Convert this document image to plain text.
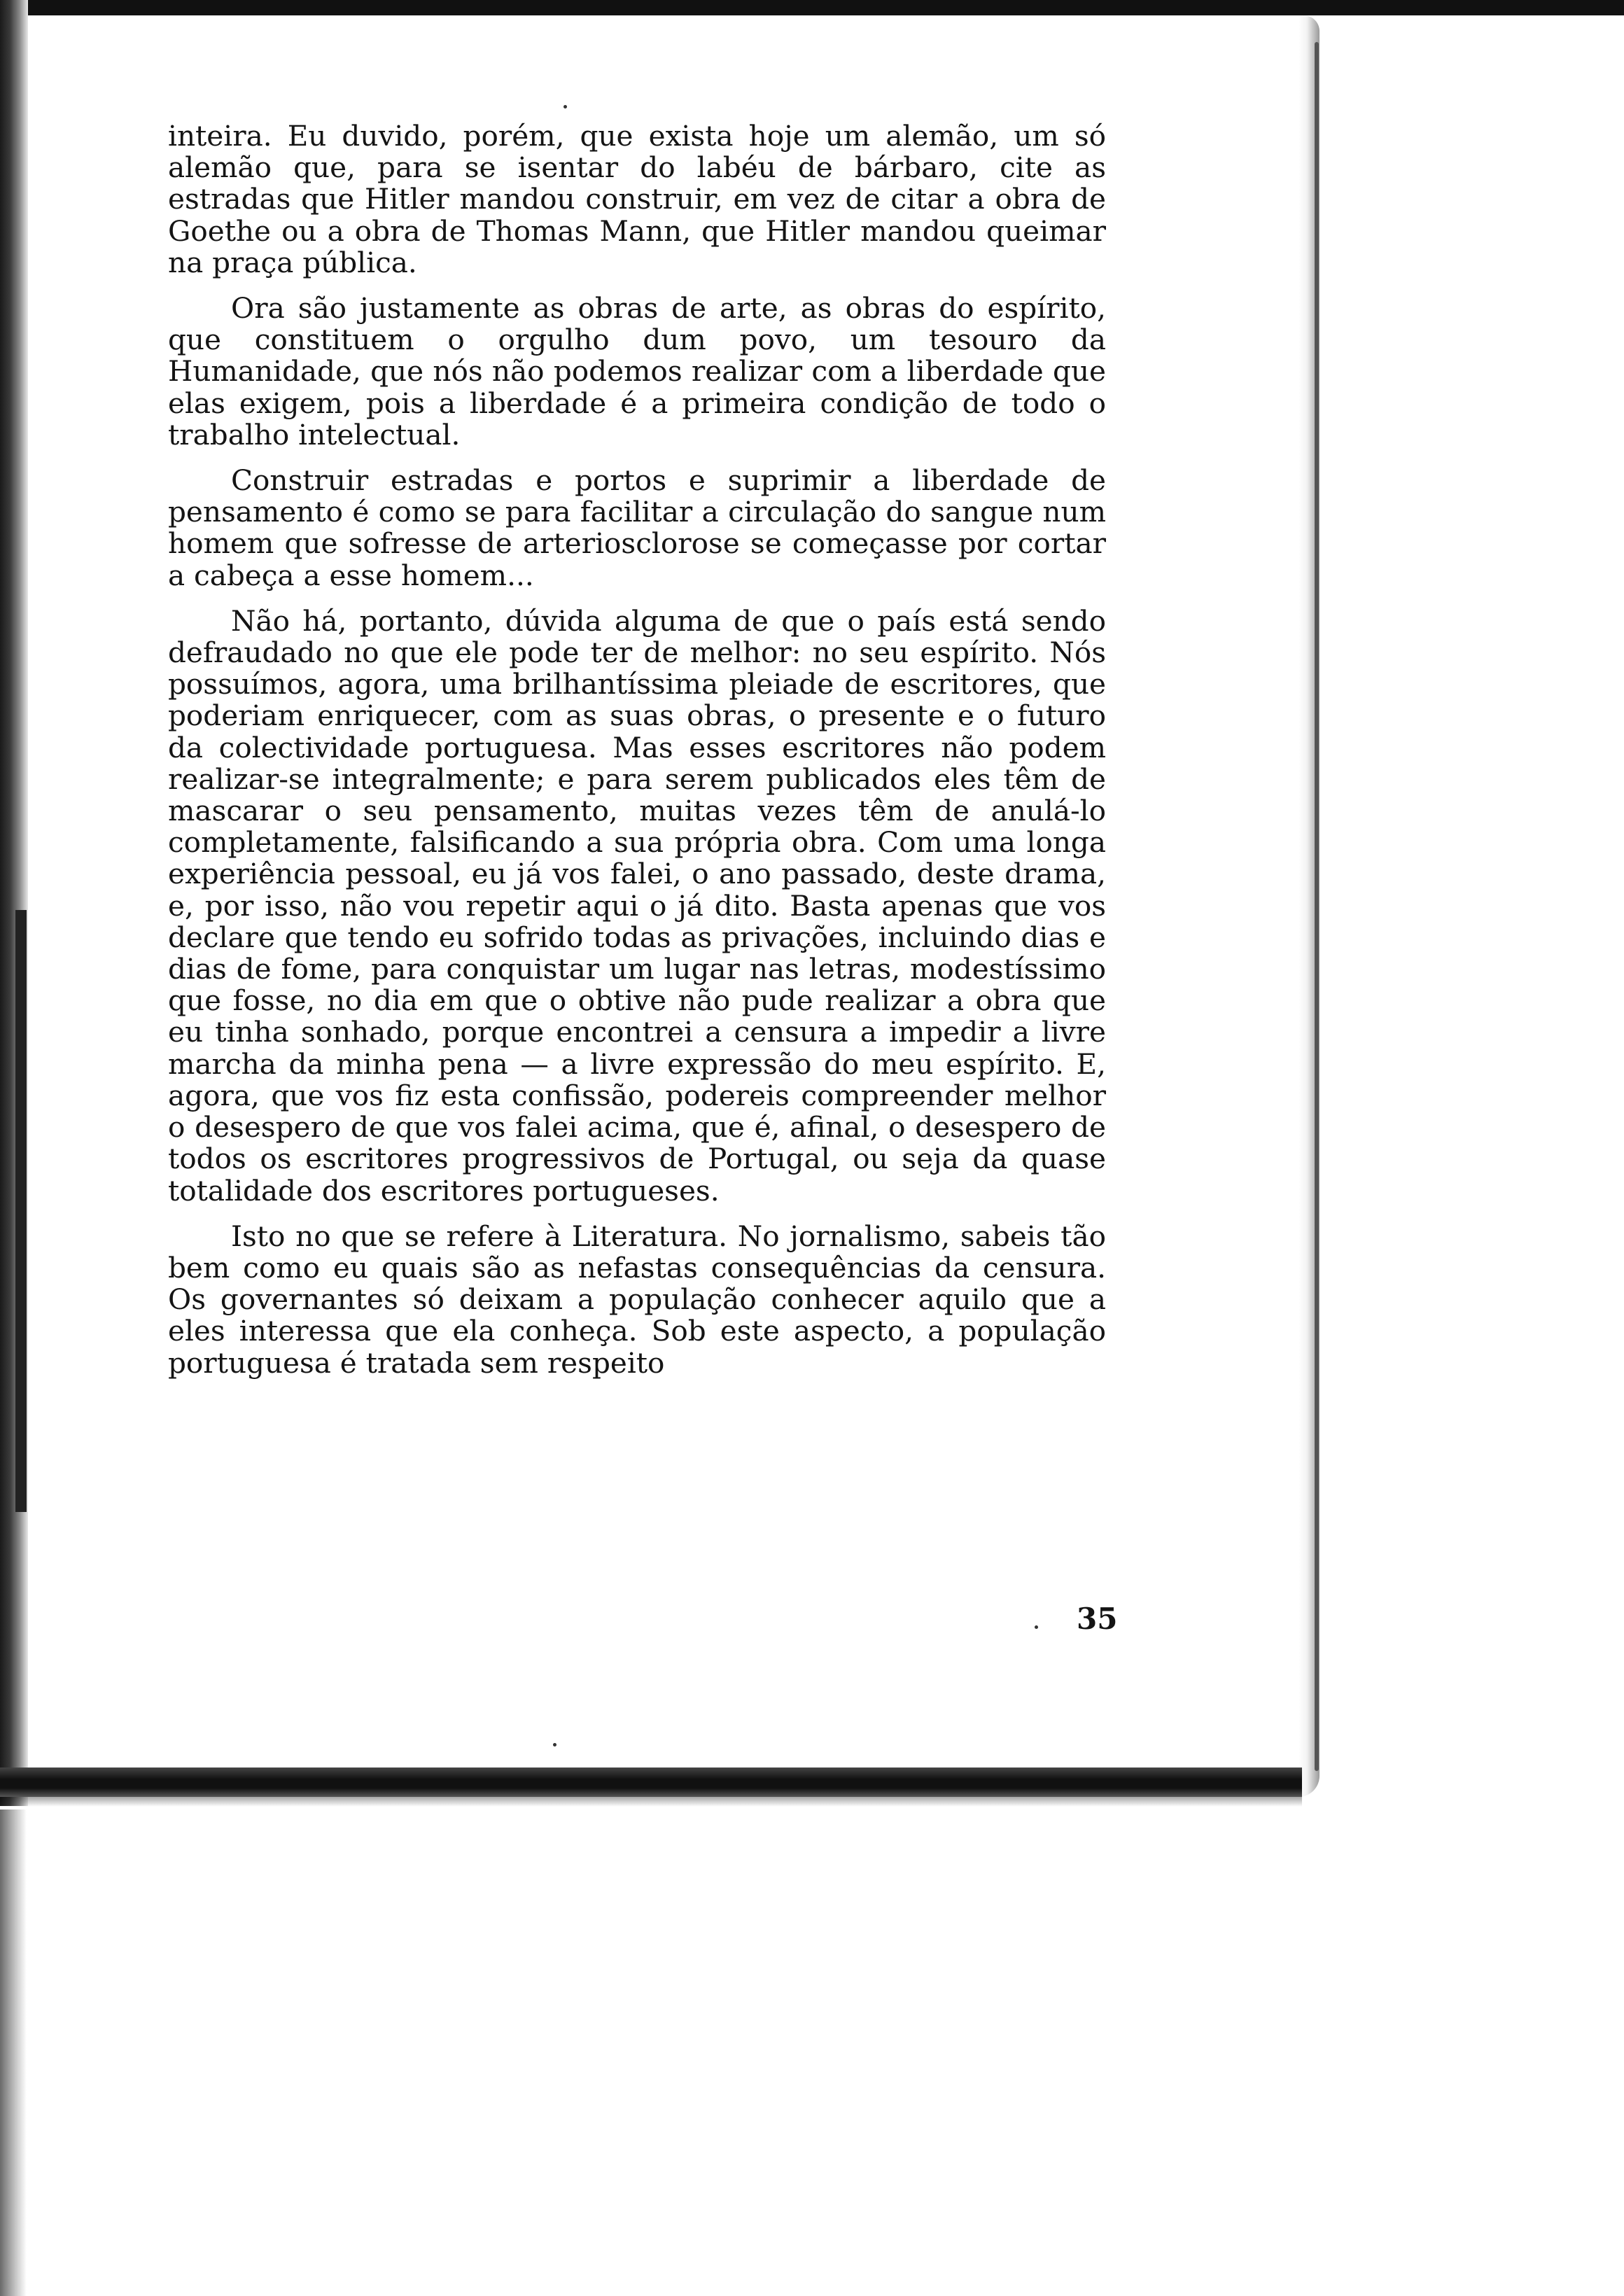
inteira. Eu duvido, porém, que exista hoje um alemão, um só alemão que, para se isentar do labéu de bárbaro, cite as estradas que Hitler mandou construir, em vez de citar a obra de Goethe ou a obra de Thomas Mann, que Hitler mandou queimar na praça pública.

Ora são justamente as obras de arte, as obras do espírito, que constituem o orgulho dum povo, um tesouro da Humanidade, que nós não podemos realizar com a liberdade que elas exigem, pois a liberdade é a primeira condição de todo o trabalho intelectual.

Construir estradas e portos e suprimir a liberdade de pensamento é como se para facilitar a circulação do sangue num homem que sofresse de arteriosclorose se começasse por cortar a cabeça a esse homem...

Não há, portanto, dúvida alguma de que o país está sendo defraudado no que ele pode ter de melhor: no seu espírito. Nós possuímos, agora, uma brilhantíssima pleiade de escritores, que poderiam enriquecer, com as suas obras, o presente e o futuro da colectividade portuguesa. Mas esses escritores não podem realizar-se integralmente; e para serem publicados eles têm de mascarar o seu pensamento, muitas vezes têm de anulá-lo completamente, falsificando a sua própria obra. Com uma longa experiência pessoal, eu já vos falei, o ano passado, deste drama, e, por isso, não vou repetir aqui o já dito. Basta apenas que vos declare que tendo eu sofrido todas as privações, incluindo dias e dias de fome, para conquistar um lugar nas letras, modestíssimo que fosse, no dia em que o obtive não pude realizar a obra que eu tinha sonhado, porque encontrei a censura a impedir a livre marcha da minha pena — a livre expressão do meu espírito. E, agora, que vos fiz esta confissão, podereis compreender melhor o desespero de que vos falei acima, que é, afinal, o desespero de todos os escritores progressivos de Portugal, ou seja da quase totalidade dos escritores portugueses.

Isto no que se refere à Literatura. No jornalismo, sabeis tão bem como eu quais são as nefastas consequências da censura. Os governantes só deixam a população conhecer aquilo que a eles interessa que ela conheça. Sob este aspecto, a população portuguesa é tratada sem respeito

35
